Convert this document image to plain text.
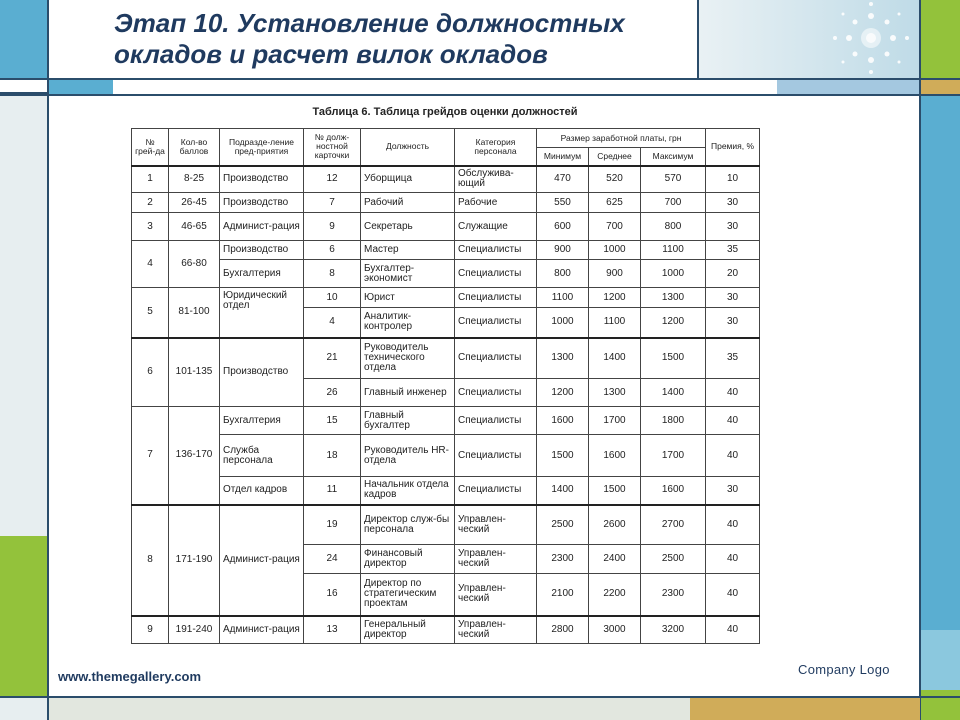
Этап 10. Установление должностных окладов и расчет вилок окладов
Таблица 6. Таблица грейдов оценки должностей
№ грей-да	Кол-во баллов	Подразде-ление пред-приятия	№ долж-ностной карточки	Должность	Категория персонала	Размер заработной платы, грн			Премия, %
						Минимум	Среднее	Максимум	
1	8-25	Производство	12	Уборщица	Обслужива-ющий	470	520	570	10
2	26-45	Производство	7	Рабочий	Рабочие	550	625	700	30
3	46-65	Админист-рация	9	Секретарь	Служащие	600	700	800	30
4	66-80	Производство	6	Мастер	Специалисты	900	1000	1100	35
		Бухгалтерия	8	Бухгалтер-экономист	Специалисты	800	900	1000	20
5	81-100	Юридический отдел	10	Юрист	Специалисты	1100	1200	1300	30
			4	Аналитик-контролер	Специалисты	1000	1100	1200	30
6	101-135	Производство	21	Руководитель технического отдела	Специалисты	1300	1400	1500	35
			26	Главный инженер	Специалисты	1200	1300	1400	40
7	136-170	Бухгалтерия	15	Главный бухгалтер	Специалисты	1600	1700	1800	40
		Служба персонала	18	Руководитель HR-отдела	Специалисты	1500	1600	1700	40
		Отдел кадров	11	Начальник отдела кадров	Специалисты	1400	1500	1600	30
8	171-190	Админист-рация	19	Директор служ-бы персонала	Управлен-ческий	2500	2600	2700	40
			24	Финансовый директор	Управлен-ческий	2300	2400	2500	40
			16	Директор по стратегическим проектам	Управлен-ческий	2100	2200	2300	40
9	191-240	Админист-рация	13	Генеральный директор	Управлен-ческий	2800	3000	3200	40
www.themegallery.com	Company Logo
